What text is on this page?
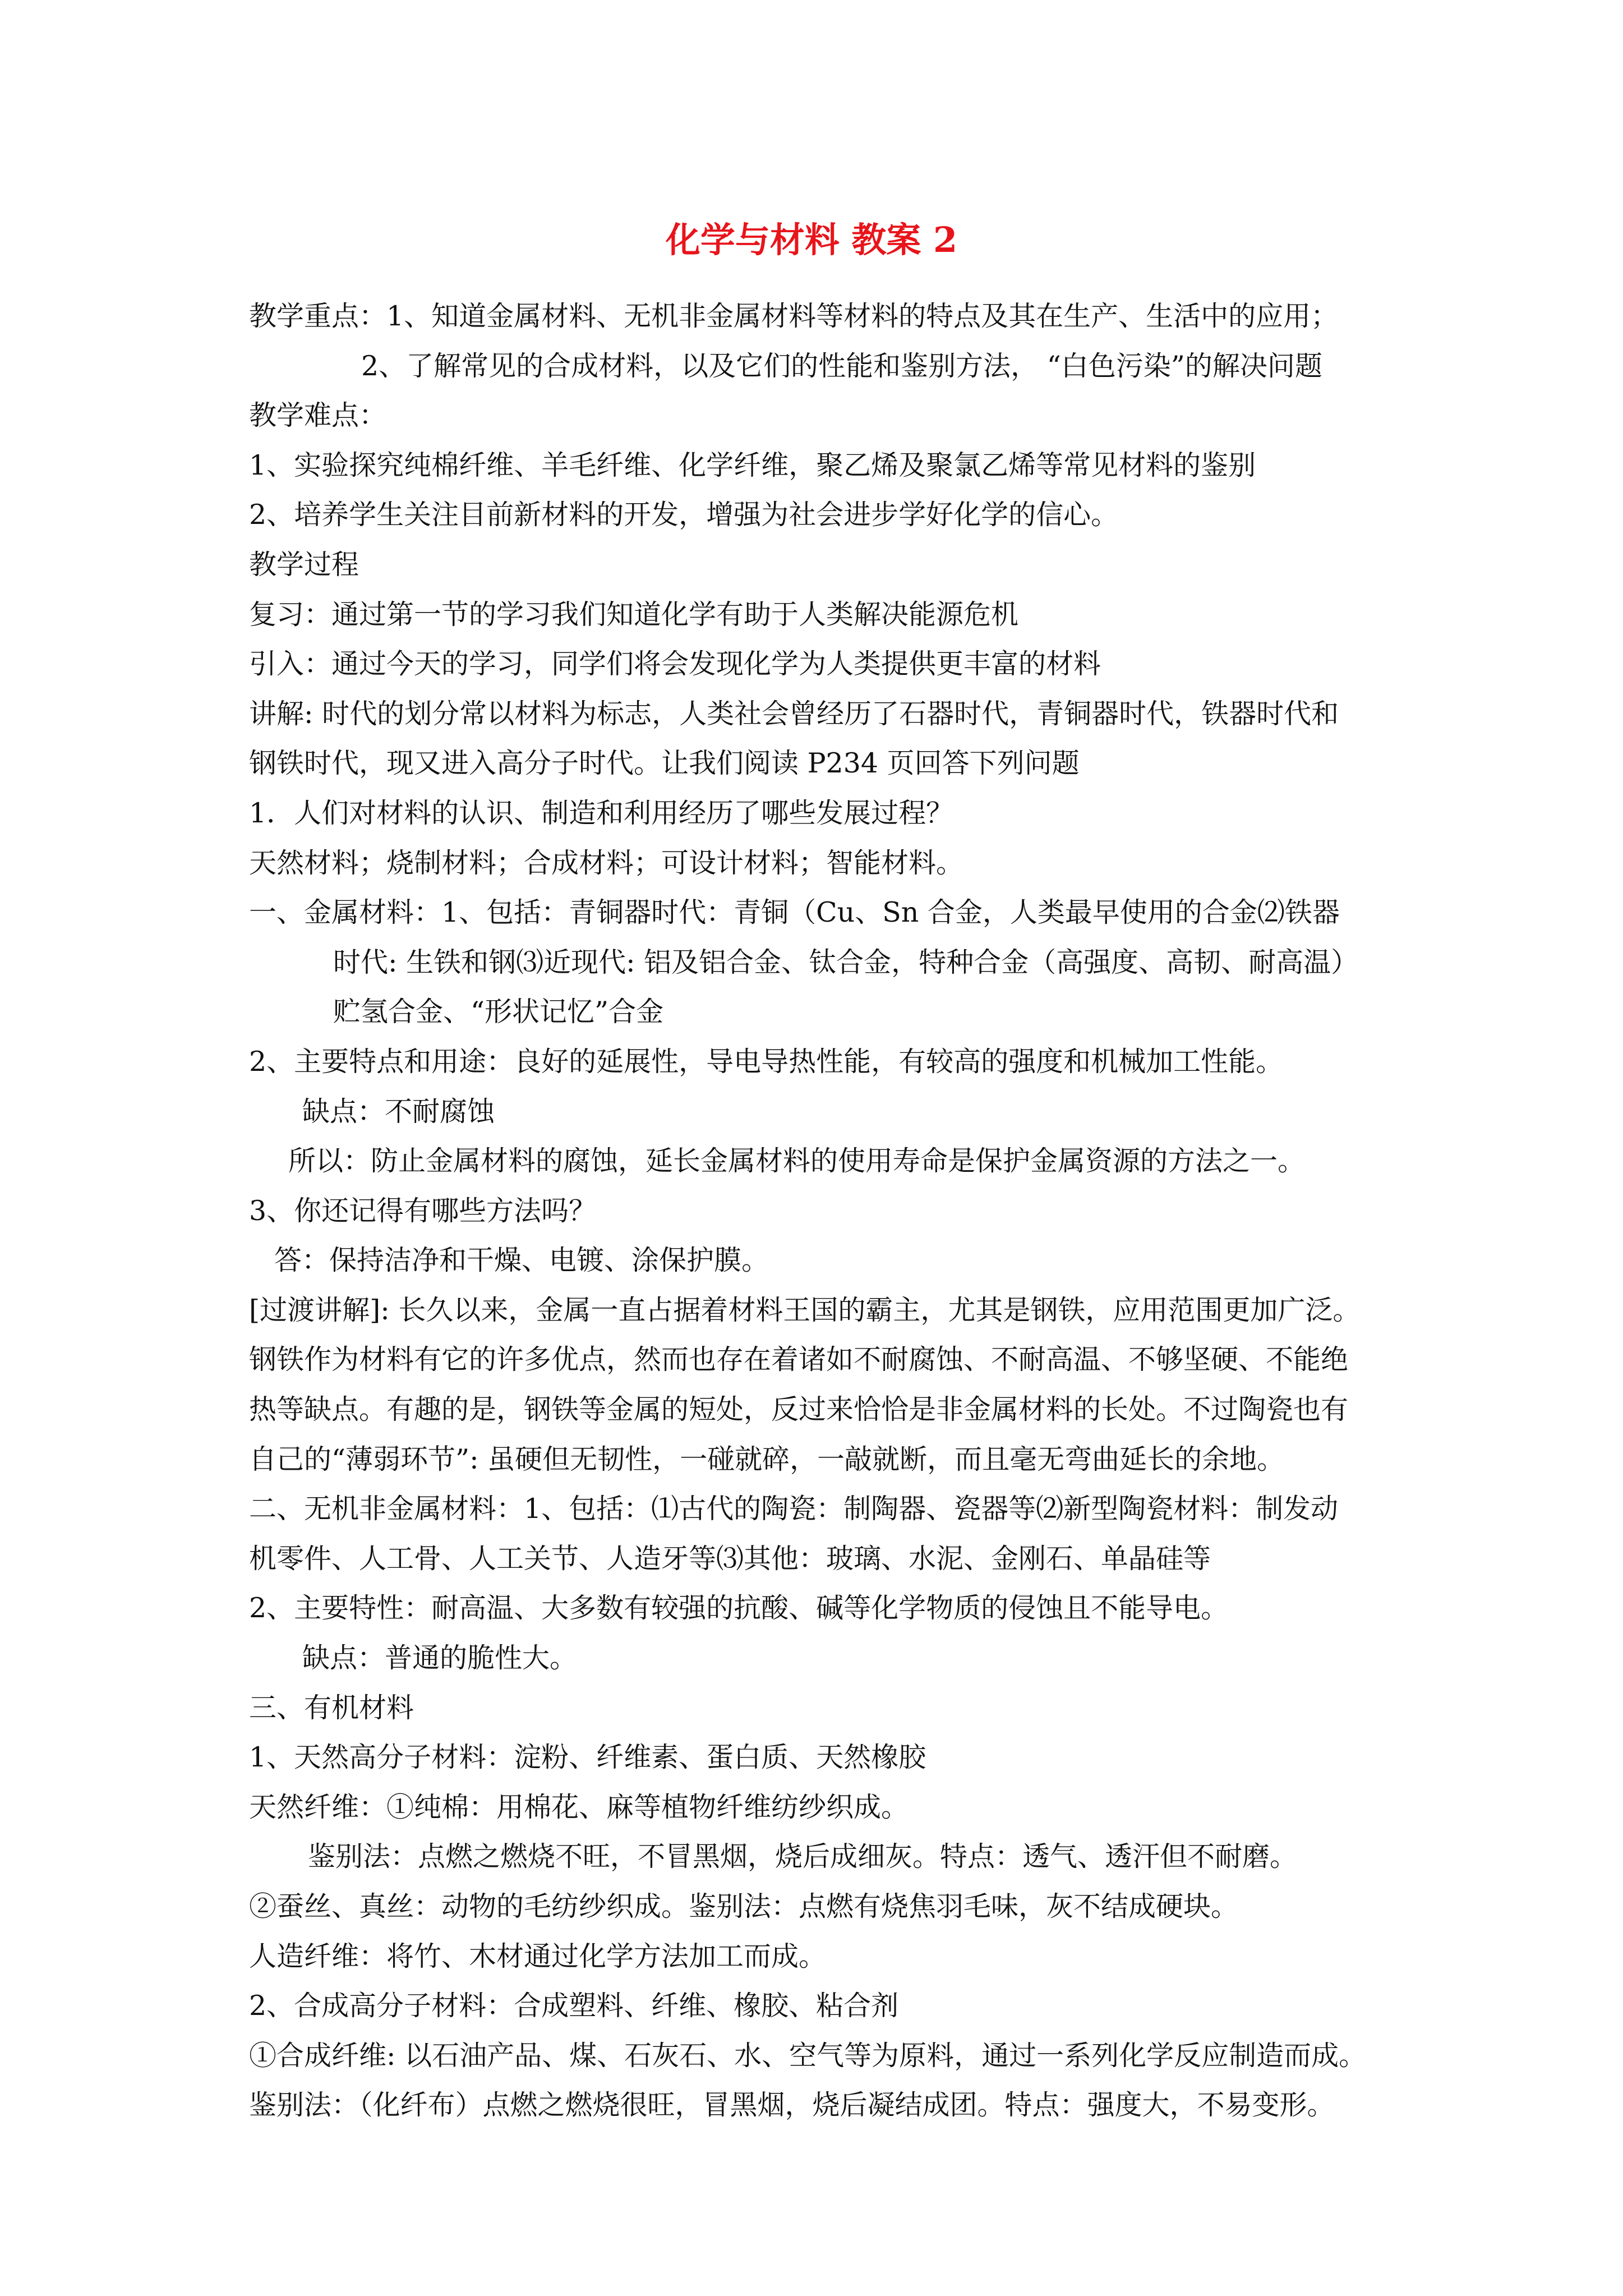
化学与材料 教案 2
教学重点：1、知道金属材料、无机非金属材料等材料的特点及其在生产、生活中的应用；
2、了解常见的合成材料，以及它们的性能和鉴别方法， “白色污染”的解决问题
教学难点：
1、实验探究纯棉纤维、羊毛纤维、化学纤维，聚乙烯及聚氯乙烯等常见材料的鉴别
2、培养学生关注目前新材料的开发，增强为社会进步学好化学的信心。
教学过程
复习：通过第一节的学习我们知道化学有助于人类解决能源危机
引入：通过今天的学习，同学们将会发现化学为人类提供更丰富的材料
讲解: 时代的划分常以材料为标志，人类社会曾经历了石器时代，青铜器时代，铁器时代和
钢铁时代，现又进入高分子时代。让我们阅读 P234 页回答下列问题
1．人们对材料的认识、制造和利用经历了哪些发展过程？
天然材料；烧制材料；合成材料；可设计材料；智能材料。
一、金属材料：1、包括：青铜器时代：青铜（Cu、Sn 合金，人类最早使用的合金⑵铁器
时代: 生铁和钢⑶近现代: 铝及铝合金、钛合金，特种合金（高强度、高韧、耐高温）
贮氢合金、“形状记忆”合金
2、主要特点和用途：良好的延展性，导电导热性能，有较高的强度和机械加工性能。
缺点：不耐腐蚀
所以：防止金属材料的腐蚀，延长金属材料的使用寿命是保护金属资源的方法之一。
3、你还记得有哪些方法吗？
答：保持洁净和干燥、电镀、涂保护膜。
[过渡讲解]: 长久以来，金属一直占据着材料王国的霸主，尤其是钢铁，应用范围更加广泛。
钢铁作为材料有它的许多优点，然而也存在着诸如不耐腐蚀、不耐高温、不够坚硬、不能绝
热等缺点。有趣的是，钢铁等金属的短处，反过来恰恰是非金属材料的长处。不过陶瓷也有
自己的“薄弱环节”: 虽硬但无韧性，一碰就碎，一敲就断，而且毫无弯曲延长的余地。
二、无机非金属材料：1、包括：⑴古代的陶瓷：制陶器、瓷器等⑵新型陶瓷材料：制发动
机零件、人工骨、人工关节、人造牙等⑶其他：玻璃、水泥、金刚石、单晶硅等
2、主要特性：耐高温、大多数有较强的抗酸、碱等化学物质的侵蚀且不能导电。
缺点：普通的脆性大。
三、有机材料
1、天然高分子材料：淀粉、纤维素、蛋白质、天然橡胶
天然纤维：①纯棉：用棉花、麻等植物纤维纺纱织成。
鉴别法：点燃之燃烧不旺，不冒黑烟，烧后成细灰。特点：透气、透汗但不耐磨。
②蚕丝、真丝：动物的毛纺纱织成。鉴别法：点燃有烧焦羽毛味，灰不结成硬块。
人造纤维：将竹、木材通过化学方法加工而成。
2、合成高分子材料：合成塑料、纤维、橡胶、粘合剂
①合成纤维: 以石油产品、煤、石灰石、水、空气等为原料，通过一系列化学反应制造而成。
鉴别法：（化纤布）点燃之燃烧很旺，冒黑烟，烧后凝结成团。特点：强度大，不易变形。
